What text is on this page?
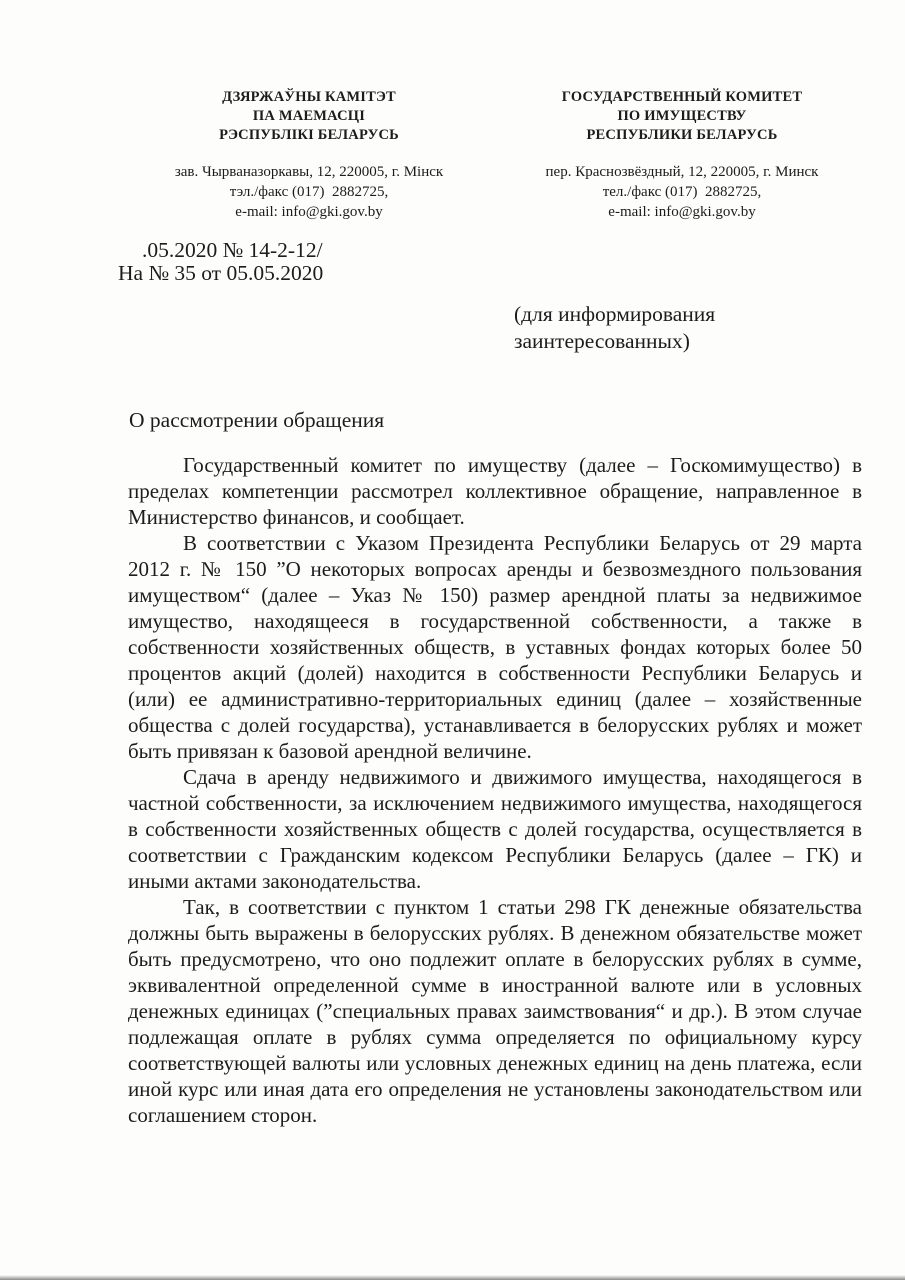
ДЗЯРЖАЎНЫ КАМІТЭТ
ПА МАЕМАСЦІ
РЭСПУБЛІКІ БЕЛАРУСЬ
зав. Чырваназоркавы, 12, 220005, г. Мінск
тэл./факс (017)  2882725,
e-mail: info@gki.gov.by
ГОСУДАРСТВЕННЫЙ КОМИТЕТ
ПО ИМУЩЕСТВУ
РЕСПУБЛИКИ БЕЛАРУСЬ
пер. Краснозвёздный, 12, 220005, г. Минск
тел./факс (017)  2882725,
e-mail: info@gki.gov.by
.05.2020 № 14-2-12/
На № 35 от 05.05.2020
(для информирования
заинтересованных)
О рассмотрении обращения

Государственный комитет по имуществу (далее – Госкомимущество) в пределах компетенции рассмотрел коллективное обращение, направленное в Министерство финансов, и сообщает.

В соответствии с Указом Президента Республики Беларусь от 29 марта 2012 г. № 150 ”О некоторых вопросах аренды и безвозмездного пользования имуществом“ (далее – Указ № 150) размер арендной платы за недвижимое имущество, находящееся в государственной собственности, а также в собственности хозяйственных обществ, в уставных фондах которых более 50 процентов акций (долей) находится в собственности Республики Беларусь и (или) ее административно-территориальных единиц (далее – хозяйственные общества с долей государства), устанавливается в белорусских рублях и может быть привязан к базовой арендной величине.

Сдача в аренду недвижимого и движимого имущества, находящегося в частной собственности, за исключением недвижимого имущества, находящегося в собственности хозяйственных обществ с долей государства, осуществляется в соответствии с Гражданским кодексом Республики Беларусь (далее – ГК) и иными актами законодательства.

Так, в соответствии с пунктом 1 статьи 298 ГК денежные обязательства должны быть выражены в белорусских рублях. В денежном обязательстве может быть предусмотрено, что оно подлежит оплате в белорусских рублях в сумме, эквивалентной определенной сумме в иностранной валюте или в условных денежных единицах (”специальных правах заимствования“ и др.). В этом случае подлежащая оплате в рублях сумма определяется по официальному курсу соответствующей валюты или условных денежных единиц на день платежа, если иной курс или иная дата его определения не установлены законодательством или соглашением сторон.
